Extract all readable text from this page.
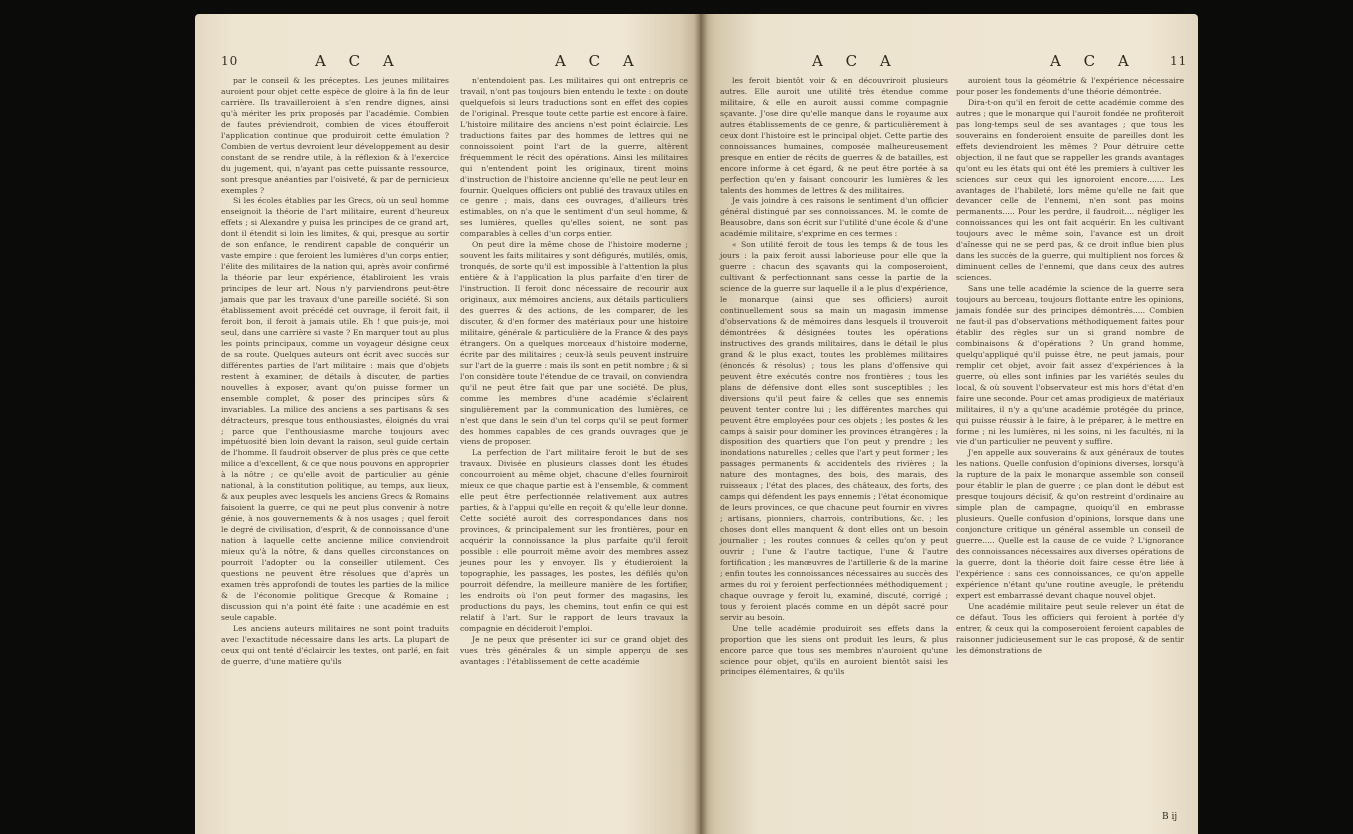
10	A C A	A C A

par le conseil & les préceptes. Les jeunes militaires auroient pour objet cette espèce de gloire à la fin de leur carrière. Ils travailleroient à s'en rendre dignes, ainsi qu'à mériter les prix proposés par l'académie. Combien de fautes préviendroit, combien de vices étoufferoit l'application continue que produiroit cette émulation ? Combien de vertus devroient leur développement au desir constant de se rendre utile, à la réflexion & à l'exercice du jugement, qui, n'ayant pas cette puissante ressource, sont presque anéanties par l'oisiveté, & par de pernicieux exemples ?

Si les écoles établies par les Grecs, où un seul homme enseignoit la théorie de l'art militaire, eurent d'heureux effets ; si Alexandre y puisa les principes de ce grand art, dont il étendit si loin les limites, & qui, presque au sortir de son enfance, le rendirent capable de conquérir un vaste empire : que feroient les lumières d'un corps entier, l'élite des militaires de la nation qui, après avoir confirmé la théorie par leur expérience, établiroient les vrais principes de leur art. Nous n'y parviendrons peut-être jamais que par les travaux d'une pareille société. Si son établissement avoit précédé cet ouvrage, il feroit fait, il feroit bon, il feroit à jamais utile. Eh ! que puis-je, moi seul, dans une carrière si vaste ? En marquer tout au plus les points principaux, comme un voyageur désigne ceux de sa route. Quelques auteurs ont écrit avec succès sur différentes parties de l'art militaire : mais que d'objets restent à examiner, de détails à discuter, de parties nouvelles à exposer, avant qu'on puisse former un ensemble complet, & poser des principes sûrs & invariables. La milice des anciens a ses partisans & ses détracteurs, presque tous enthousiastes, éloignés du vrai ; parce que l'enthousiasme marche toujours avec impétuosité bien loin devant la raison, seul guide certain de l'homme. Il faudroit observer de plus près ce que cette milice a d'excellent, & ce que nous pouvons en approprier à la nôtre ; ce qu'elle avoit de particulier au génie national, à la constitution politique, au temps, aux lieux, & aux peuples avec lesquels les anciens Grecs & Romains faisoient la guerre, ce qui ne peut plus convenir à notre génie, à nos gouvernements & à nos usages ; quel feroit le degré de civilisation, d'esprit, & de connoissance d'une nation à laquelle cette ancienne milice conviendroit mieux qu'à la nôtre, & dans quelles circonstances on pourroit l'adopter ou la conseiller utilement. Ces questions ne peuvent être résolues que d'après un examen très approfondi de toutes les parties de la milice & de l'économie politique Grecque & Romaine ; discussion qui n'a point été faite : une académie en est seule capable.

Les anciens auteurs militaires ne sont point traduits avec l'exactitude nécessaire dans les arts. La plupart de ceux qui ont tenté d'éclaircir les textes, ont parlé, en fait de guerre, d'une matière qu'ils

n'entendoient pas. Les militaires qui ont entrepris ce travail, n'ont pas toujours bien entendu le texte : on doute quelquefois si leurs traductions sont en effet des copies de l'original. Presque toute cette partie est encore à faire. L'histoire militaire des anciens n'est point éclaircie. Les traductions faites par des hommes de lettres qui ne connoissoient point l'art de la guerre, altèrent fréquemment le récit des opérations. Ainsi les militaires qui n'entendent point les originaux, tirent moins d'instruction de l'histoire ancienne qu'elle ne peut leur en fournir. Quelques officiers ont publié des travaux utiles en ce genre ; mais, dans ces ouvrages, d'ailleurs très estimables, on n'a que le sentiment d'un seul homme, & ses lumières, quelles qu'elles soient, ne sont pas comparables à celles d'un corps entier.

On peut dire la même chose de l'histoire moderne ; souvent les faits militaires y sont défigurés, mutilés, omis, tronqués, de sorte qu'il est impossible à l'attention la plus entière & à l'application la plus parfaite d'en tirer de l'instruction. Il feroit donc nécessaire de recourir aux originaux, aux mémoires anciens, aux détails particuliers des guerres & des actions, de les comparer, de les discuter, & d'en former des matériaux pour une histoire militaire, générale & particulière de la France & des pays étrangers. On a quelques morceaux d'histoire moderne, écrite par des militaires ; ceux-là seuls peuvent instruire sur l'art de la guerre : mais ils sont en petit nombre ; & si l'on considère toute l'étendue de ce travail, on conviendra qu'il ne peut être fait que par une société. De plus, comme les membres d'une académie s'éclairent singulièrement par la communication des lumières, ce n'est que dans le sein d'un tel corps qu'il se peut former des hommes capables de ces grands ouvrages que je viens de proposer.

La perfection de l'art militaire feroit le but de ses travaux. Divisée en plusieurs classes dont les études concourroient au même objet, chacune d'elles fourniroit mieux ce que chaque partie est à l'ensemble, & comment elle peut être perfectionnée relativement aux autres parties, & à l'appui qu'elle en reçoit & qu'elle leur donne. Cette société auroit des correspondances dans nos provinces, & principalement sur les frontières, pour en acquérir la connoissance la plus parfaite qu'il feroit possible : elle pourroit même avoir des membres assez jeunes pour les y envoyer. Ils y étudieroient la topographie, les passages, les postes, les défilés qu'on pourroit défendre, la meilleure manière de les fortifier, les endroits où l'on peut former des magasins, les productions du pays, les chemins, tout enfin ce qui est relatif à l'art. Sur le rapport de leurs travaux la compagnie en décideroit l'emploi.

Je ne peux que présenter ici sur ce grand objet des vues très générales & un simple apperçu de ses avantages : l'établissement de cette académie

A C A	A C A	11

les feroit bientôt voir & en découvriroit plusieurs autres. Elle auroit une utilité très étendue comme militaire, & elle en auroit aussi comme compagnie sçavante. J'ose dire qu'elle manque dans le royaume aux autres établissements de ce genre, & particulièrement à ceux dont l'histoire est le principal objet. Cette partie des connoissances humaines, composée malheureusement presque en entier de récits de guerres & de batailles, est encore informe à cet égard, & ne peut être portée à sa perfection qu'en y faisant concourir les lumières & les talents des hommes de lettres & des militaires.

Je vais joindre à ces raisons le sentiment d'un officier général distingué par ses connoissances. M. le comte de Beausobre, dans son écrit sur l'utilité d'une école & d'une académie militaire, s'exprime en ces termes :

« Son utilité feroit de tous les temps & de tous les jours : la paix feroit aussi laborieuse pour elle que la guerre : chacun des sçavants qui la composeroient, cultivant & perfectionnant sans cesse la partie de la science de la guerre sur laquelle il a le plus d'expérience, le monarque (ainsi que ses officiers) auroit continuellement sous sa main un magasin immense d'observations & de mémoires dans lesquels il trouveroit démontrées & désignées toutes les opérations instructives des grands militaires, dans le détail le plus grand & le plus exact, toutes les problèmes militaires (énoncés & résolus) ; tous les plans d'offensive qui peuvent être exécutés contre nos frontières ; tous les plans de défensive dont elles sont susceptibles ; les diversions qu'il peut faire & celles que ses ennemis peuvent tenter contre lui ; les différentes marches qui peuvent être employées pour ces objets ; les postes & les camps à saisir pour dominer les provinces étrangères ; la disposition des quartiers que l'on peut y prendre ; les inondations naturelles ; celles que l'art y peut former ; les passages permanents & accidentels des rivières ; la nature des montagnes, des bois, des marais, des ruisseaux ; l'état des places, des châteaux, des forts, des camps qui défendent les pays ennemis ; l'état économique de leurs provinces, ce que chacune peut fournir en vivres ; artisans, pionniers, charrois, contributions, &c. ; les choses dont elles manquent & dont elles ont un besoin journalier ; les routes connues & celles qu'on y peut ouvrir ; l'une & l'autre tactique, l'une & l'autre fortification ; les manœuvres de l'artillerie & de la marine ; enfin toutes les connoissances nécessaires au succès des armes du roi y feroient perfectionnées méthodiquement ; chaque ouvrage y feroit lu, examiné, discuté, corrigé ; tous y feroient placés comme en un dépôt sacré pour servir au besoin.

Une telle académie produiroit ses effets dans la proportion que les siens ont produit les leurs, & plus encore parce que tous ses membres n'auroient qu'une science pour objet, qu'ils en auroient bientôt saisi les principes élémentaires, & qu'ils

auroient tous la géométrie & l'expérience nécessaire pour poser les fondements d'une théorie démontrée.

Dira-t-on qu'il en feroit de cette académie comme des autres ; que le monarque qui l'auroit fondée ne profiteroit pas long-temps seul de ses avantages ; que tous les souverains en fonderoient ensuite de pareilles dont les effets deviendroient les mêmes ? Pour détruire cette objection, il ne faut que se rappeller les grands avantages qu'ont eu les états qui ont été les premiers à cultiver les sciences sur ceux qui les ignoroient encore....... Les avantages de l'habileté, lors même qu'elle ne fait que devancer celle de l'ennemi, n'en sont pas moins permanents..... Pour les perdre, il faudroit.... négliger les connoissances qui les ont fait acquérir. En les cultivant toujours avec le même soin, l'avance est un droit d'aînesse qui ne se perd pas, & ce droit influe bien plus dans les succès de la guerre, qui multiplient nos forces & diminuent celles de l'ennemi, que dans ceux des autres sciences.

Sans une telle académie la science de la guerre sera toujours au berceau, toujours flottante entre les opinions, jamais fondée sur des principes démontrés..... Combien ne faut-il pas d'observations méthodiquement faites pour établir des règles sur un si grand nombre de combinaisons & d'opérations ? Un grand homme, quelqu'appliqué qu'il puisse être, ne peut jamais, pour remplir cet objet, avoir fait assez d'expériences à la guerre, où elles sont infinies par les variétés seules du local, & où souvent l'observateur est mis hors d'état d'en faire une seconde. Pour cet amas prodigieux de matériaux militaires, il n'y a qu'une académie protégée du prince, qui puisse réussir à le faire, à le préparer, à le mettre en forme ; ni les lumières, ni les soins, ni les facultés, ni la vie d'un particulier ne peuvent y suffire.

J'en appelle aux souverains & aux généraux de toutes les nations. Quelle confusion d'opinions diverses, lorsqu'à la rupture de la paix le monarque assemble son conseil pour établir le plan de guerre ; ce plan dont le début est presque toujours décisif, & qu'on restreint d'ordinaire au simple plan de campagne, quoiqu'il en embrasse plusieurs. Quelle confusion d'opinions, lorsque dans une conjoncture critique un général assemble un conseil de guerre..... Quelle est la cause de ce vuide ? L'ignorance des connoissances nécessaires aux diverses opérations de la guerre, dont la théorie doit faire cesse être liée à l'expérience : sans ces connoissances, ce qu'on appelle expérience n'étant qu'une routine aveugle, le prétendu expert est embarrassé devant chaque nouvel objet.

Une académie militaire peut seule relever un état de ce défaut. Tous les officiers qui feroient à portée d'y entrer, & ceux qui la composeroient feroient capables de raisonner judicieusement sur le cas proposé, & de sentir les démonstrations de

B ij
